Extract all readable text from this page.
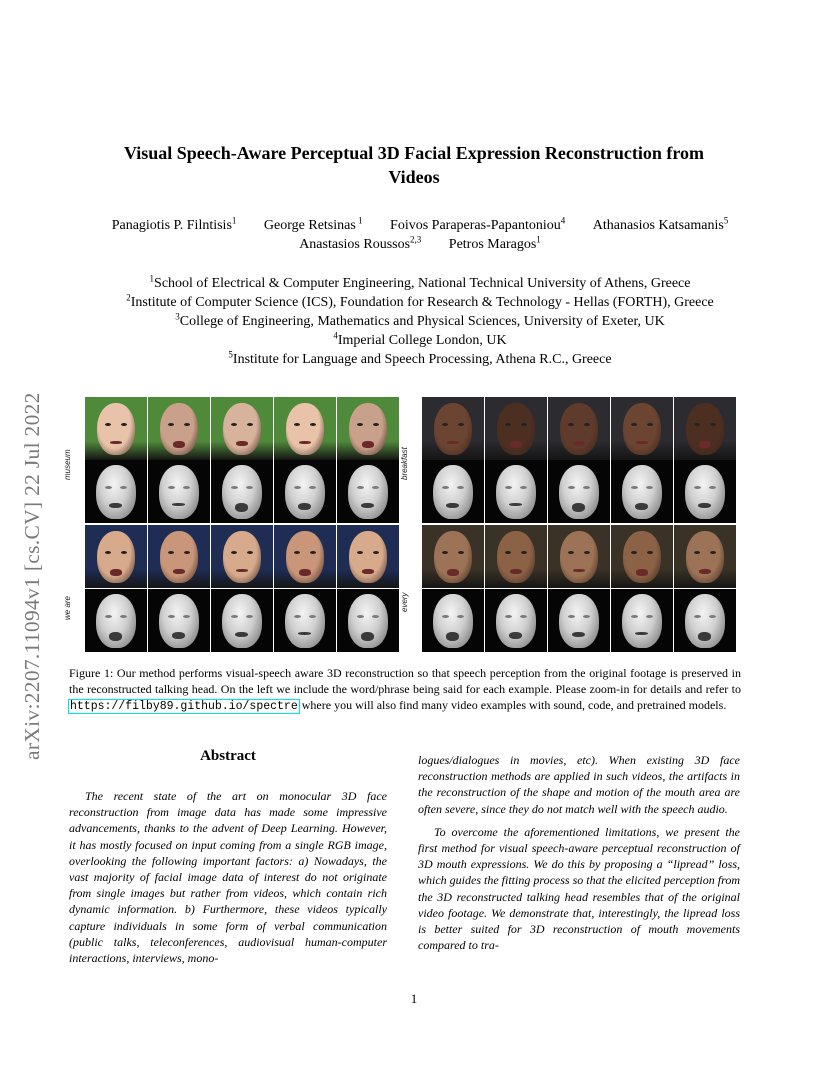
arXiv:2207.11094v1 [cs.CV] 22 Jul 2022
Visual Speech-Aware Perceptual 3D Facial Expression Reconstruction from
Videos
Panagiotis P. Filntisis$^1$ George Retsinas $^1$ Foivos Paraperas-Papantoniou$^4$ Athanasios Katsamanis$^5$
Anastasios Roussos$^{2,3}$ Petros Maragos$^1$
$^1$School of Electrical & Computer Engineering, National Technical University of Athens, Greece
$^2$Institute of Computer Science (ICS), Foundation for Research & Technology - Hellas (FORTH), Greece
$^3$College of Engineering, Mathematics and Physical Sciences, University of Exeter, UK
$^4$Imperial College London, UK
$^5$Institute for Language and Speech Processing, Athena R.C., Greece
museum
we are
breakfast
every
Figure 1: Our method performs visual-speech aware 3D reconstruction so that speech perception from the original footage is preserved in the reconstructed talking head. On the left we include the word/phrase being said for each example. Please zoom-in for details and refer to https://filby89.github.io/spectre where you will also find many video examples with sound, code, and pretrained models.
Abstract
The recent state of the art on monocular 3D face reconstruction from image data has made some impressive advancements, thanks to the advent of Deep Learning. However, it has mostly focused on input coming from a single RGB image, overlooking the following important factors: a) Nowadays, the vast majority of facial image data of interest do not originate from single images but rather from videos, which contain rich dynamic information. b) Furthermore, these videos typically capture individuals in some form of verbal communication (public talks, teleconferences, audiovisual human-computer interactions, interviews, mono-

logues/dialogues in movies, etc). When existing 3D face reconstruction methods are applied in such videos, the artifacts in the reconstruction of the shape and motion of the mouth area are often severe, since they do not match well with the speech audio.

To overcome the aforementioned limitations, we present the first method for visual speech-aware perceptual reconstruction of 3D mouth expressions. We do this by proposing a “lipread” loss, which guides the fitting process so that the elicited perception from the 3D reconstructed talking head resembles that of the original video footage. We demonstrate that, interestingly, the lipread loss is better suited for 3D reconstruction of mouth movements compared to tra-

1
